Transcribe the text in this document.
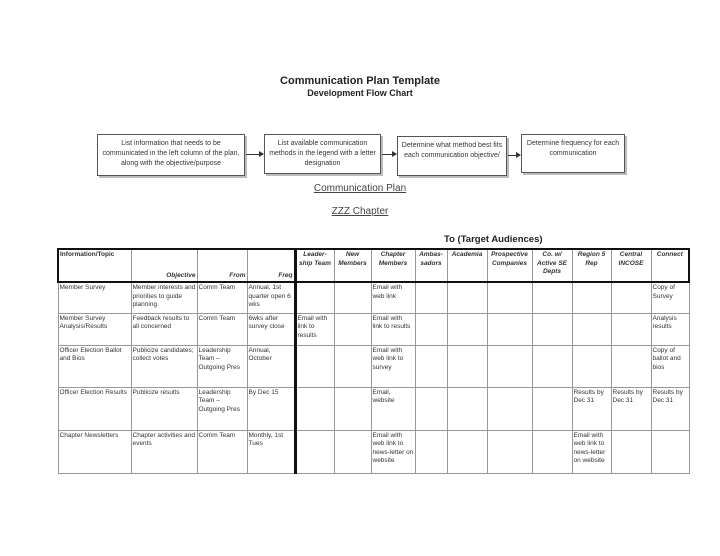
Communication Plan Template
Development Flow Chart
List information that needs to be communicated in the left column of the plan, along with the objective/purpose
List available communication methods in the legend with a letter designation
Determine what method best fits each communication objective/
Determine frequency for each communication
Communication Plan
ZZZ Chapter
To (Target Audiences)
Information/Topic	Objective	From	Freq	Leader-ship Team	New Members	Chapter Members	Ambas-sadors	Academia	Prospective Companies	Co. w/ Active SE Depts	Region 5 Rep	Central INCOSE	Connect
Member Survey	Member interests and priorities to guide planning	Comm Team	Annual, 1st quarter open 6 wks			Email with web link							Copy of Survey
Member Survey Analysis/Results	Feedback results to all concerned	Comm Team	6wks after survey close	Email with link to results		Email with link to results							Analysis results
Officer Election Ballot and Bios	Publicize candidates; collect votes	Leadership Team – Outgoing Pres	Annual, October			Email with web link to survey							Copy of ballot and bios
Officer Election Results	Publicize results	Leadership Team – Outgoing Pres	By Dec 15			Email, website					Results by Dec 31	Results by Dec 31	Results by Dec 31
Chapter Newsletters	Chapter activities and events	Comm Team	Monthly, 1st Tues			Email with web link to news-letter on website					Email with web link to news-letter on website		
